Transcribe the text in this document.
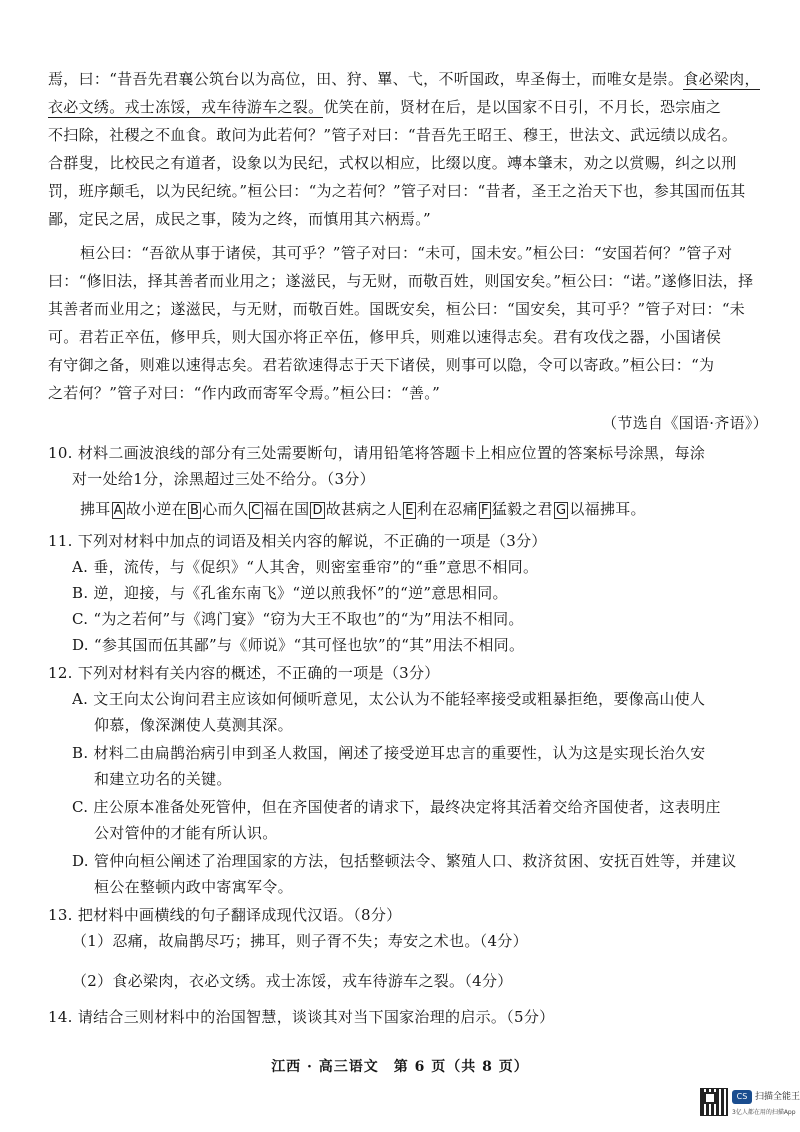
焉，曰：“昔吾先君襄公筑台以为高位，田、狩、罼、弋，不听国政，卑圣侮士，而唯女是崇。食必梁肉，
衣必文绣。戎士冻馁，戎车待游车之裂。优笑在前，贤材在后，是以国家不日引，不月长，恐宗庙之
不扫除，社稷之不血食。敢问为此若何？”管子对曰：“昔吾先王昭王、穆王，世法文、武远绩以成名。
合群叟，比校民之有道者，设象以为民纪，式权以相应，比缀以度。竱本肇末，劝之以赏赐，纠之以刑
罚，班序颠毛，以为民纪统。”桓公曰：“为之若何？”管子对曰：“昔者，圣王之治天下也，参其国而伍其
鄙，定民之居，成民之事，陵为之终，而慎用其六柄焉。”
桓公曰：“吾欲从事于诸侯，其可乎？”管子对曰：“未可，国未安。”桓公曰：“安国若何？”管子对
曰：“修旧法，择其善者而业用之；遂滋民，与无财，而敬百姓，则国安矣。”桓公曰：“诺。”遂修旧法，择
其善者而业用之；遂滋民，与无财，而敬百姓。国既安矣，桓公曰：“国安矣，其可乎？”管子对曰：“未
可。君若正卒伍，修甲兵，则大国亦将正卒伍，修甲兵，则难以速得志矣。君有攻伐之器，小国诸侯
有守御之备，则难以速得志矣。君若欲速得志于天下诸侯，则事可以隐，令可以寄政。”桓公曰：“为
之若何？”管子对曰：“作内政而寄军令焉。”桓公曰：“善。”
（节选自《国语·齐语》）
10. 材料二画波浪线的部分有三处需要断句，请用铅笔将答题卡上相应位置的答案标号涂黑，每涂
对一处给1分，涂黑超过三处不给分。（3分）
拂耳 A 故小逆在 B 心而久 C 福在国 D 故甚病之人 E 利在忍痛 F 猛毅之君 G 以福拂耳。
11. 下列对材料中加点的词语及相关内容的解说，不正确的一项是（3分）
A. 垂，流传，与《促织》“人其舍，则密室垂帘”的“垂”意思不相同。
B. 逆，迎接，与《孔雀东南飞》“逆以煎我怀”的“逆”意思相同。
C. “为之若何”与《鸿门宴》“窃为大王不取也”的“为”用法不相同。
D. “参其国而伍其鄙”与《师说》“其可怪也欤”的“其”用法不相同。
12. 下列对材料有关内容的概述，不正确的一项是（3分）
A. 文王向太公询问君主应该如何倾听意见，太公认为不能轻率接受或粗暴拒绝，要像高山使人
仰慕，像深渊使人莫测其深。
B. 材料二由扁鹊治病引申到圣人救国，阐述了接受逆耳忠言的重要性，认为这是实现长治久安
和建立功名的关键。
C. 庄公原本准备处死管仲，但在齐国使者的请求下，最终决定将其活着交给齐国使者，这表明庄
公对管仲的才能有所认识。
D. 管仲向桓公阐述了治理国家的方法，包括整顿法令、繁殖人口、救济贫困、安抚百姓等，并建议
桓公在整顿内政中寄寓军令。
13. 把材料中画横线的句子翻译成现代汉语。（8分）
（1）忍痛，故扁鹊尽巧；拂耳，则子胥不失；寿安之术也。（4分）
（2）食必梁肉，衣必文绣。戎士冻馁，戎车待游车之裂。（4分）
14. 请结合三则材料中的治国智慧，谈谈其对当下国家治理的启示。（5分）
江西 · 高三语文　第 6 页（共 8 页）
CS 扫描全能王
3亿人都在用的扫描App
